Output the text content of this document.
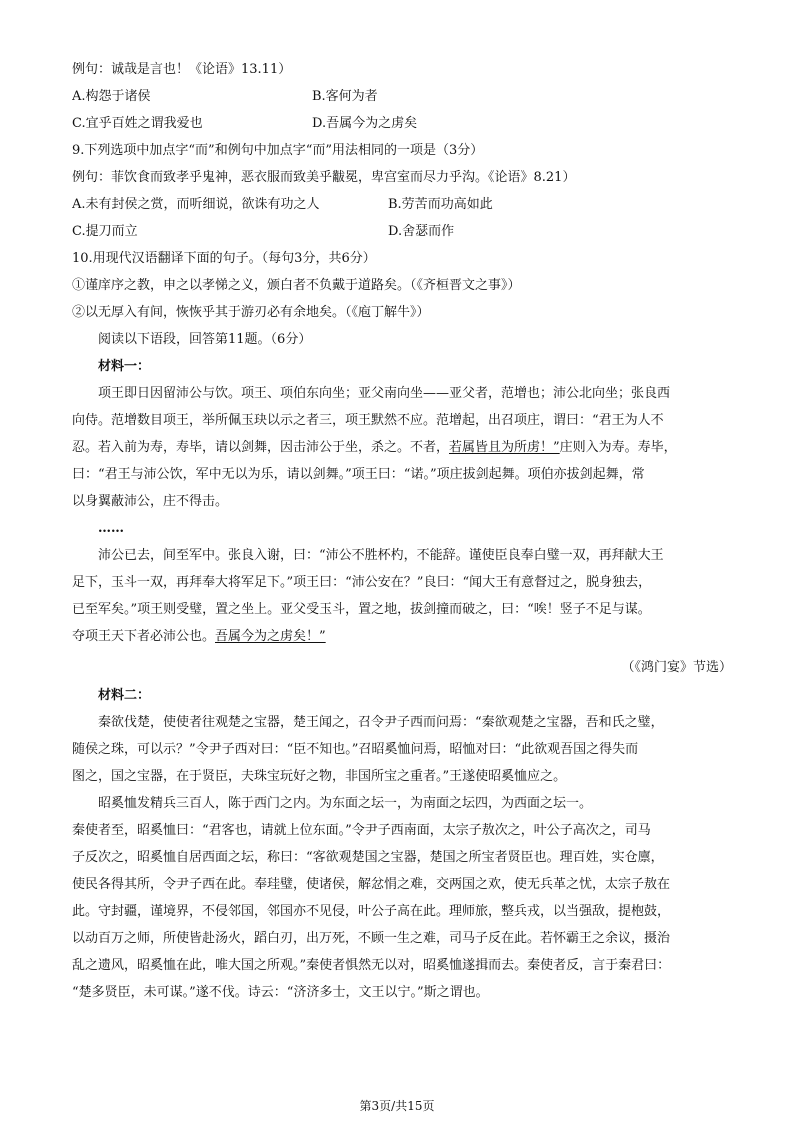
例句：诚哉是言也！《论语》13.11）
A.构怨于诸侯	B.客何为者
C.宜乎百姓之谓我爱也	D.吾属今为之虏矣
9.下列选项中加点字“而”和例句中加点字“而”用法相同的一项是（3分）
例句：菲饮食而致孝乎鬼神，恶衣服而致美乎黻冕，卑宫室而尽力乎沟。《论语》8.21）
A.未有封侯之赏，而听细说，欲诛有功之人	B.劳苦而功高如此
C.提刀而立	D.舍瑟而作
10.用现代汉语翻译下面的句子。（每句3分，共6分）
①谨庠序之教，申之以孝悌之义，颁白者不负戴于道路矣。（《齐桓晋文之事》）
②以无厚入有间，恢恢乎其于游刃必有余地矣。（《庖丁解牛》）
阅读以下语段，回答第11题。（6分）
材料一：
项王即日因留沛公与饮。项王、项伯东向坐；亚父南向坐——亚父者，范增也；沛公北向坐；张良西
向侍。范增数目项王，举所佩玉玦以示之者三，项王默然不应。范增起，出召项庄，谓曰：“君王为人不
忍。若入前为寿，寿毕，请以剑舞，因击沛公于坐，杀之。不者，若属皆且为所虏！”庄则入为寿。寿毕，
曰：“君王与沛公饮，军中无以为乐，请以剑舞。”项王曰：“诺。”项庄拔剑起舞。项伯亦拔剑起舞，常
以身翼蔽沛公，庄不得击。
……
沛公已去，间至军中。张良入谢，曰：“沛公不胜杯杓，不能辞。谨使臣良奉白璧一双，再拜献大王
足下，玉斗一双，再拜奉大将军足下。”项王曰：“沛公安在？”良曰：“闻大王有意督过之，脱身独去，
已至军矣。”项王则受璧，置之坐上。亚父受玉斗，置之地，拔剑撞而破之，曰：“唉！竖子不足与谋。
夺项王天下者必沛公也。吾属今为之虏矣！”
（《鸿门宴》节选）
材料二：
秦欲伐楚，使使者往观楚之宝器，楚王闻之，召令尹子西而问焉：“秦欲观楚之宝器，吾和氏之璧，
随侯之珠，可以示？”令尹子西对曰：“臣不知也。”召昭奚恤问焉，昭恤对曰：“此欲观吾国之得失而
图之，国之宝器，在于贤臣，夫珠宝玩好之物，非国所宝之重者。”王遂使昭奚恤应之。
昭奚恤发精兵三百人，陈于西门之内。为东面之坛一，为南面之坛四，为西面之坛一。
秦使者至，昭奚恤曰：“君客也，请就上位东面。”令尹子西南面，太宗子敖次之，叶公子高次之，司马
子反次之，昭奚恤自居西面之坛，称曰：“客欲观楚国之宝器，楚国之所宝者贤臣也。理百姓，实仓廪，
使民各得其所，令尹子西在此。奉珪璧，使诸侯，解忿悁之难，交两国之欢，使无兵革之忧，太宗子敖在
此。守封疆，谨境界，不侵邻国，邻国亦不见侵，叶公子高在此。理师旅，整兵戎，以当强敌，提枹鼓，
以动百万之师，所使皆赴汤火，蹈白刃，出万死，不顾一生之难，司马子反在此。若怀霸王之余议，摄治
乱之遗风，昭奚恤在此，唯大国之所观。”秦使者惧然无以对，昭奚恤遂揖而去。秦使者反，言于秦君曰：
“楚多贤臣，未可谋。”遂不伐。诗云：“济济多士，文王以宁。”斯之谓也。
第3页/共15页
